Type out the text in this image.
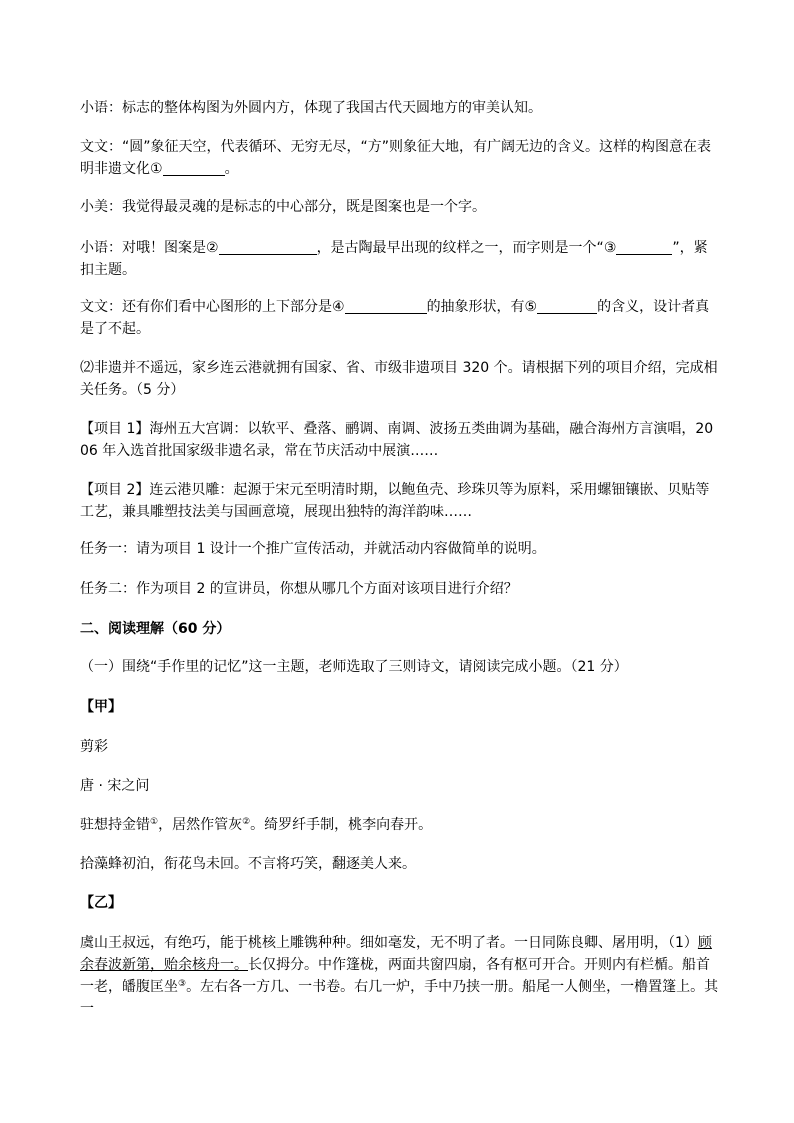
小语：标志的整体构图为外圆内方，体现了我国古代天圆地方的审美认知。
文文：“圆”象征天空，代表循环、无穷无尽，“方”则象征大地，有广阔无边的含义。这样的构图意在表明非遗文化①	。
小美：我觉得最灵魂的是标志的中心部分，既是图案也是一个字。
小语：对哦！图案是②	，是古陶最早出现的纹样之一，而字则是一个“③	”，紧扣主题。
文文：还有你们看中心图形的上下部分是④	的抽象形状，有⑤	的含义，设计者真是了不起。
⑵非遗并不遥远，家乡连云港就拥有国家、省、市级非遗项目 320 个。请根据下列的项目介绍，完成相关任务。（5 分）
【项目 1】海州五大宫调：以软平、叠落、鹂调、南调、波扬五类曲调为基础，融合海州方言演唱，2006 年入选首批国家级非遗名录，常在节庆活动中展演……
【项目 2】连云港贝雕：起源于宋元至明清时期，以鲍鱼壳、珍珠贝等为原料，采用螺钿镶嵌、贝贴等工艺，兼具雕塑技法美与国画意境，展现出独特的海洋韵味……
任务一：请为项目 1 设计一个推广宣传活动，并就活动内容做简单的说明。
任务二：作为项目 2 的宣讲员，你想从哪几个方面对该项目进行介绍？
二、阅读理解（60 分）
（一）围绕“手作里的记忆”这一主题，老师选取了三则诗文，请阅读完成小题。（21 分）
【甲】
剪彩
唐 · 宋之问
驻想持金错①，居然作管灰②。绮罗纤手制，桃李向春开。
拾藻蜂初泊，衔花鸟未回。不言将巧笑，翻逐美人来。
【乙】
虞山王叔远，有绝巧，能于桃核上雕镌种种。细如毫发，无不明了者。一日同陈良卿、屠用明，（1）顾余春波新第，贻余核舟一。长仅拇分。中作篷栊，两面共窗四扇，各有枢可开合。开则内有栏楯。船首一老，皤腹匡坐③。左右各一方几、一书卷。右几一炉，手中乃挟一册。船尾一人侧坐，一橹置篷上。其一
